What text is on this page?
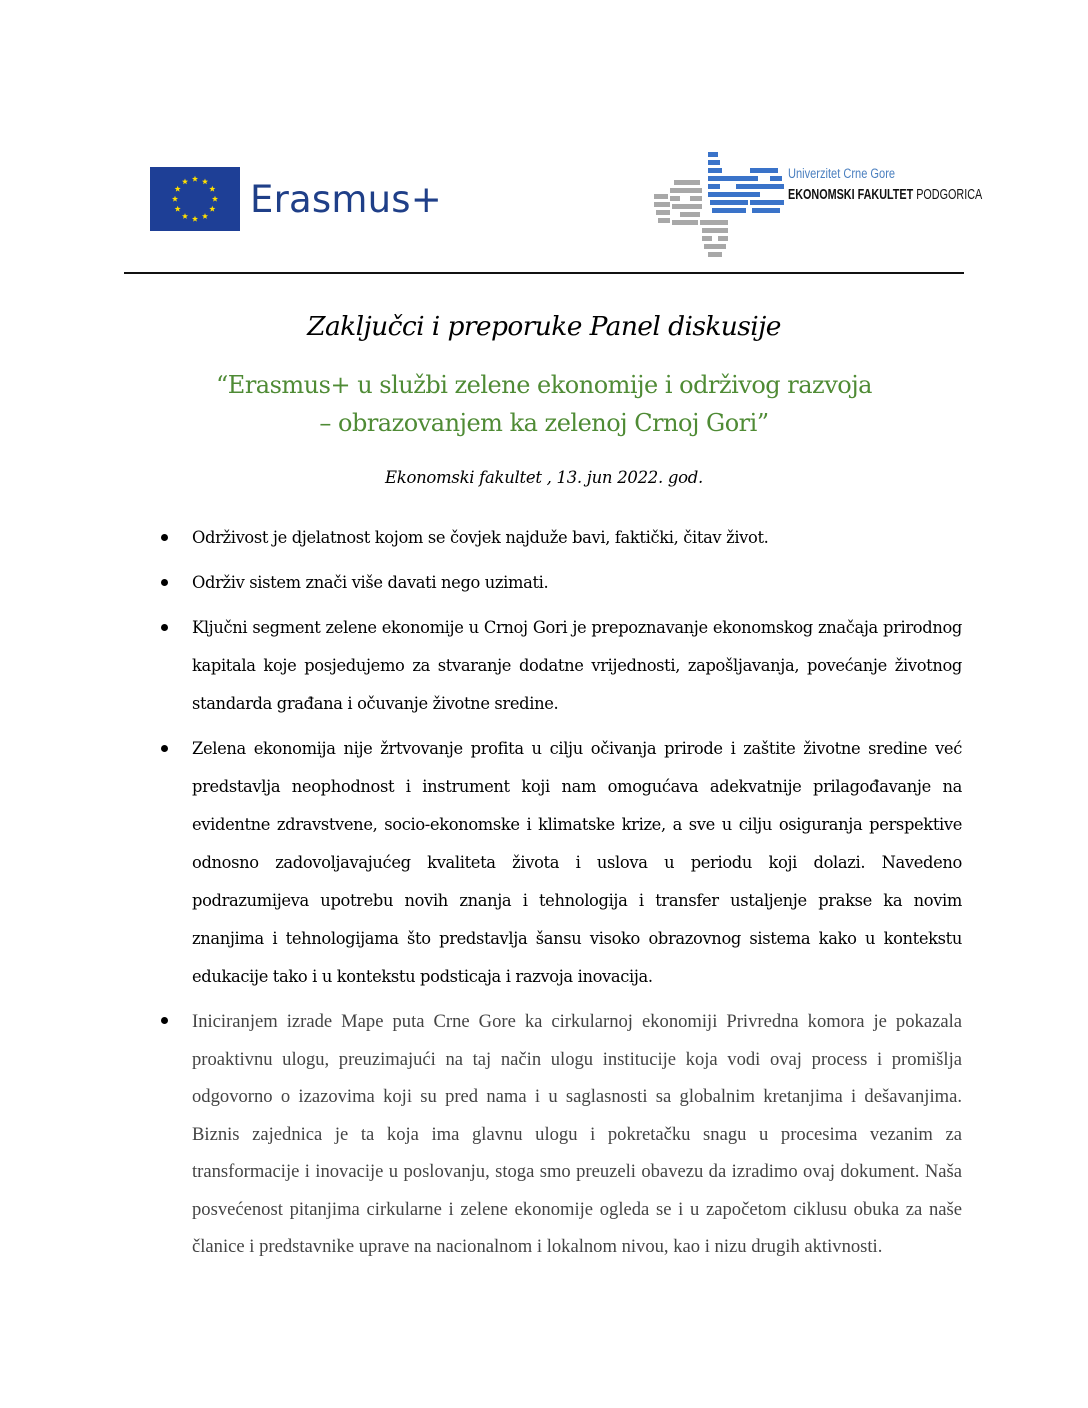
Erasmus+
Univerzitet Crne Gore
EKONOMSKI FAKULTET PODGORICA
Zaključci i preporuke Panel diskusije
“Erasmus+ u službi zelene ekonomije i održivog razvoja
– obrazovanjem ka zelenoj Crnoj Gori”
Ekonomski fakultet , 13. jun 2022. god.
Održivost je djelatnost kojom se čovjek najduže bavi, faktički, čitav život.
Održiv sistem znači više davati nego uzimati.
Ključni segment zelene ekonomije u Crnoj Gori je prepoznavanje ekonomskog značaja prirodnog kapitala koje posjedujemo za stvaranje dodatne vrijednosti, zapošljavanja, povećanje životnog standarda građana i očuvanje životne sredine.
Zelena ekonomija nije žrtvovanje profita u cilju očivanja prirode i zaštite životne sredine već predstavlja neophodnost i instrument koji nam omogućava adekvatnije prilagođavanje na evidentne zdravstvene, socio-ekonomske i klimatske krize, a sve u cilju osiguranja perspektive odnosno zadovoljavajućeg kvaliteta života i uslova u periodu koji dolazi. Navedeno podrazumijeva upotrebu novih znanja i tehnologija i transfer ustaljenje prakse ka novim znanjima i tehnologijama što predstavlja šansu visoko obrazovnog sistema kako u kontekstu edukacije tako i u kontekstu podsticaja i razvoja inovacija.
Iniciranjem izrade Mape puta Crne Gore ka cirkularnoj ekonomiji Privredna komora je pokazala proaktivnu ulogu, preuzimajući na taj način ulogu institucije koja vodi ovaj process i promišlja odgovorno o izazovima koji su pred nama i u saglasnosti sa globalnim kretanjima i dešavanjima. Biznis zajednica je ta koja ima glavnu ulogu i pokretačku snagu u procesima vezanim za transformacije i inovacije u poslovanju, stoga smo preuzeli obavezu da izradimo ovaj dokument. Naša posvećenost pitanjima cirkularne i zelene ekonomije ogleda se i u započetom ciklusu obuka za naše članice i predstavnike uprave na nacionalnom i lokalnom nivou, kao i nizu drugih aktivnosti.
